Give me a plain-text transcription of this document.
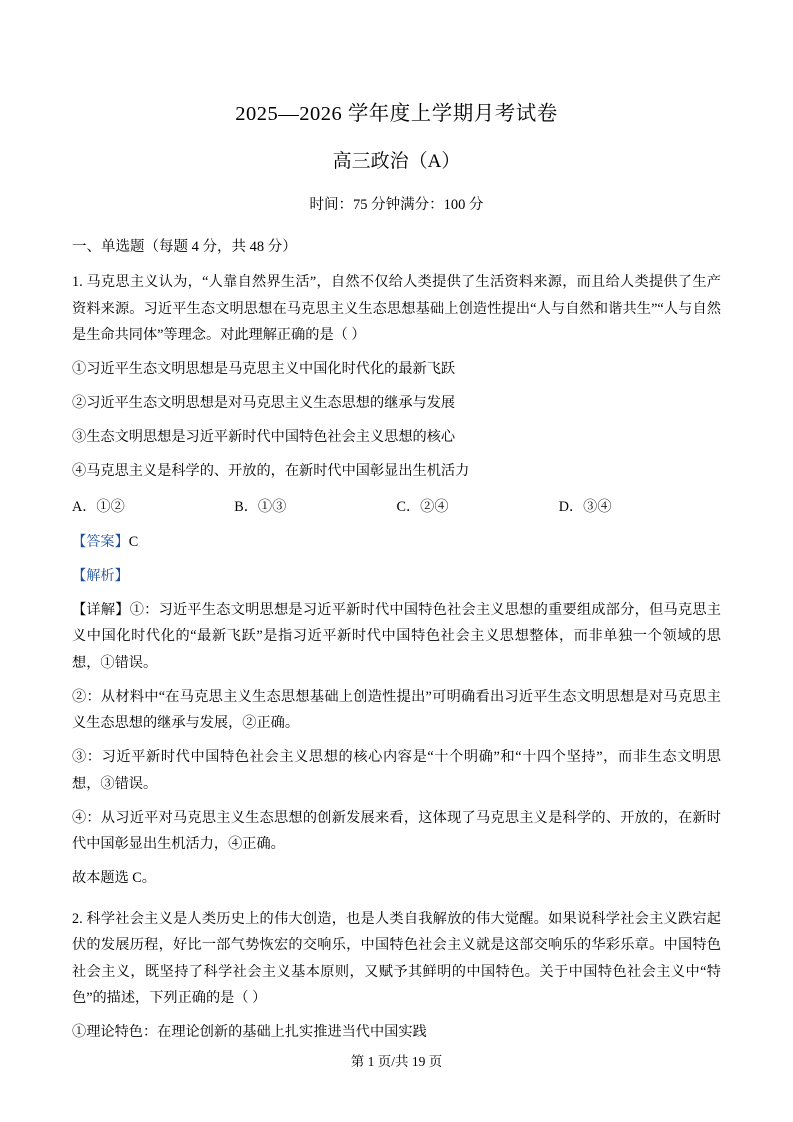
2025—2026 学年度上学期月考试卷
高三政治（A）
时间：75 分钟满分：100 分
一、单选题（每题 4 分，共 48 分）

1. 马克思主义认为，“人靠自然界生活”，自然不仅给人类提供了生活资料来源，而且给人类提供了生产资料来源。习近平生态文明思想在马克思主义生态思想基础上创造性提出“人与自然和谐共生”“人与自然是生命共同体”等理念。对此理解正确的是（ ）

①习近平生态文明思想是马克思主义中国化时代化的最新飞跃

②习近平生态文明思想是对马克思主义生态思想的继承与发展

③生态文明思想是习近平新时代中国特色社会主义思想的核心

④马克思主义是科学的、开放的，在新时代中国彰显出生机活力

A．①②	B．①③	C．②④	D．③④
【答案】C
【解析】

【详解】①：习近平生态文明思想是习近平新时代中国特色社会主义思想的重要组成部分，但马克思主义中国化时代化的“最新飞跃”是指习近平新时代中国特色社会主义思想整体，而非单独一个领域的思想，①错误。

②：从材料中“在马克思主义生态思想基础上创造性提出”可明确看出习近平生态文明思想是对马克思主义生态思想的继承与发展，②正确。

③：习近平新时代中国特色社会主义思想的核心内容是“十个明确”和“十四个坚持”，而非生态文明思想，③错误。

④：从习近平对马克思主义生态思想的创新发展来看，这体现了马克思主义是科学的、开放的，在新时代中国彰显出生机活力，④正确。

故本题选 C。

2. 科学社会主义是人类历史上的伟大创造，也是人类自我解放的伟大觉醒。如果说科学社会主义跌宕起伏的发展历程，好比一部气势恢宏的交响乐，中国特色社会主义就是这部交响乐的华彩乐章。中国特色社会主义，既坚持了科学社会主义基本原则，又赋予其鲜明的中国特色。关于中国特色社会主义中“特色”的描述，下列正确的是（ ）

①理论特色：在理论创新的基础上扎实推进当代中国实践

第 1 页/共 19 页
